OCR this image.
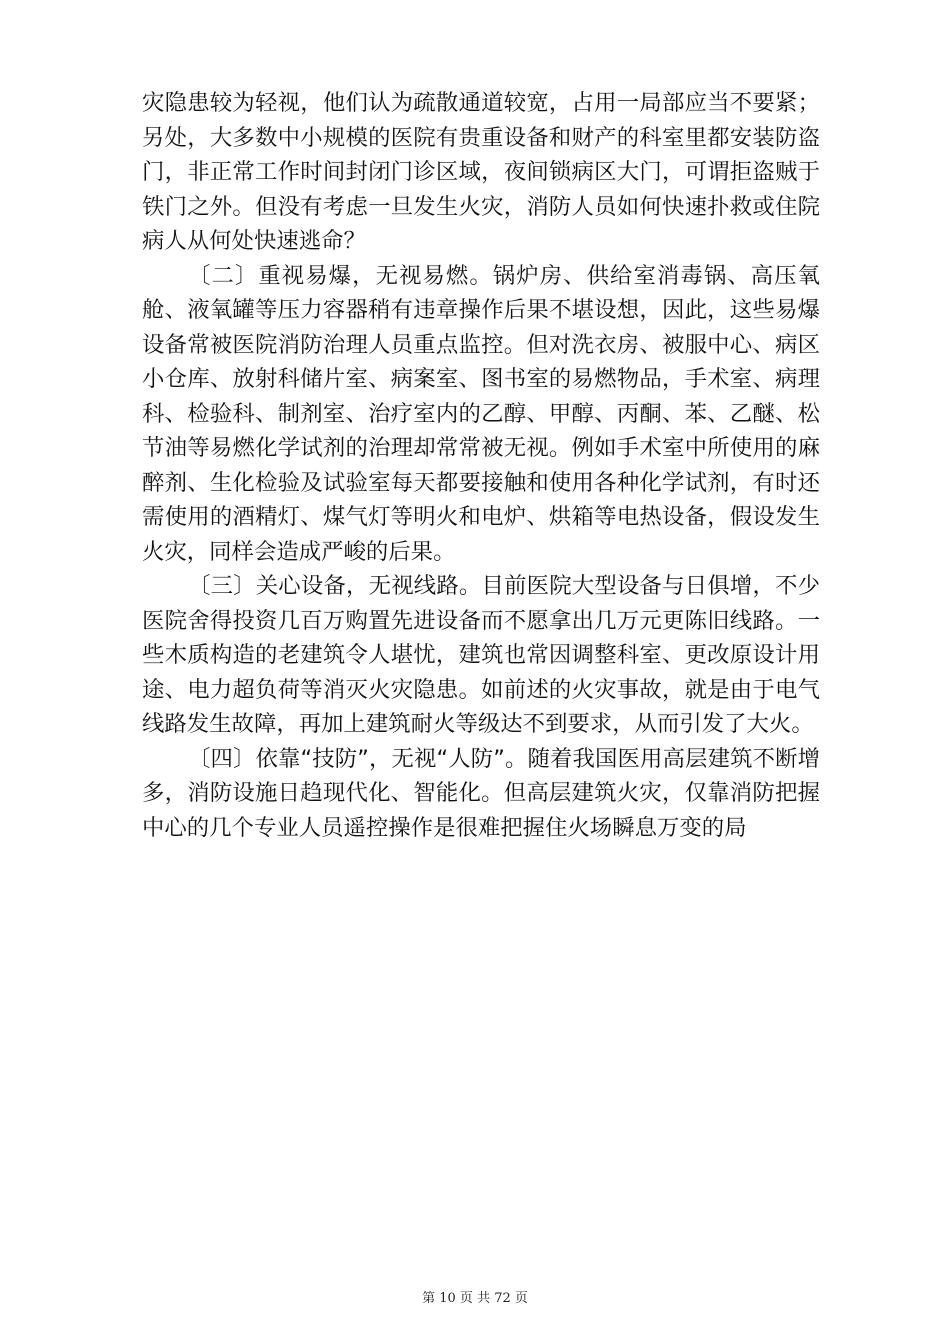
灾隐患较为轻视，他们认为疏散通道较宽，占用一局部应当不要紧；另处，大多数中小规模的医院有贵重设备和财产的科室里都安装防盗门，非正常工作时间封闭门诊区域，夜间锁病区大门，可谓拒盗贼于铁门之外。但没有考虑一旦发生火灾，消防人员如何快速扑救或住院病人从何处快速逃命？

〔二〕重视易爆，无视易燃。锅炉房、供给室消毒锅、高压氧舱、液氧罐等压力容器稍有违章操作后果不堪设想，因此，这些易爆设备常被医院消防治理人员重点监控。但对洗衣房、被服中心、病区小仓库、放射科储片室、病案室、图书室的易燃物品，手术室、病理科、检验科、制剂室、治疗室内的乙醇、甲醇、丙酮、苯、乙醚、松节油等易燃化学试剂的治理却常常被无视。例如手术室中所使用的麻醉剂、生化检验及试验室每天都要接触和使用各种化学试剂，有时还需使用的酒精灯、煤气灯等明火和电炉、烘箱等电热设备，假设发生火灾，同样会造成严峻的后果。

〔三〕关心设备，无视线路。目前医院大型设备与日俱增，不少医院舍得投资几百万购置先进设备而不愿拿出几万元更陈旧线路。一些木质构造的老建筑令人堪忧，建筑也常因调整科室、更改原设计用途、电力超负荷等消灭火灾隐患。如前述的火灾事故，就是由于电气线路发生故障，再加上建筑耐火等级达不到要求，从而引发了大火。

〔四〕依靠“技防”，无视“人防”。随着我国医用高层建筑不断增多，消防设施日趋现代化、智能化。但高层建筑火灾，仅靠消防把握中心的几个专业人员遥控操作是很难把握住火场瞬息万变的局

第 10 页 共 72 页
